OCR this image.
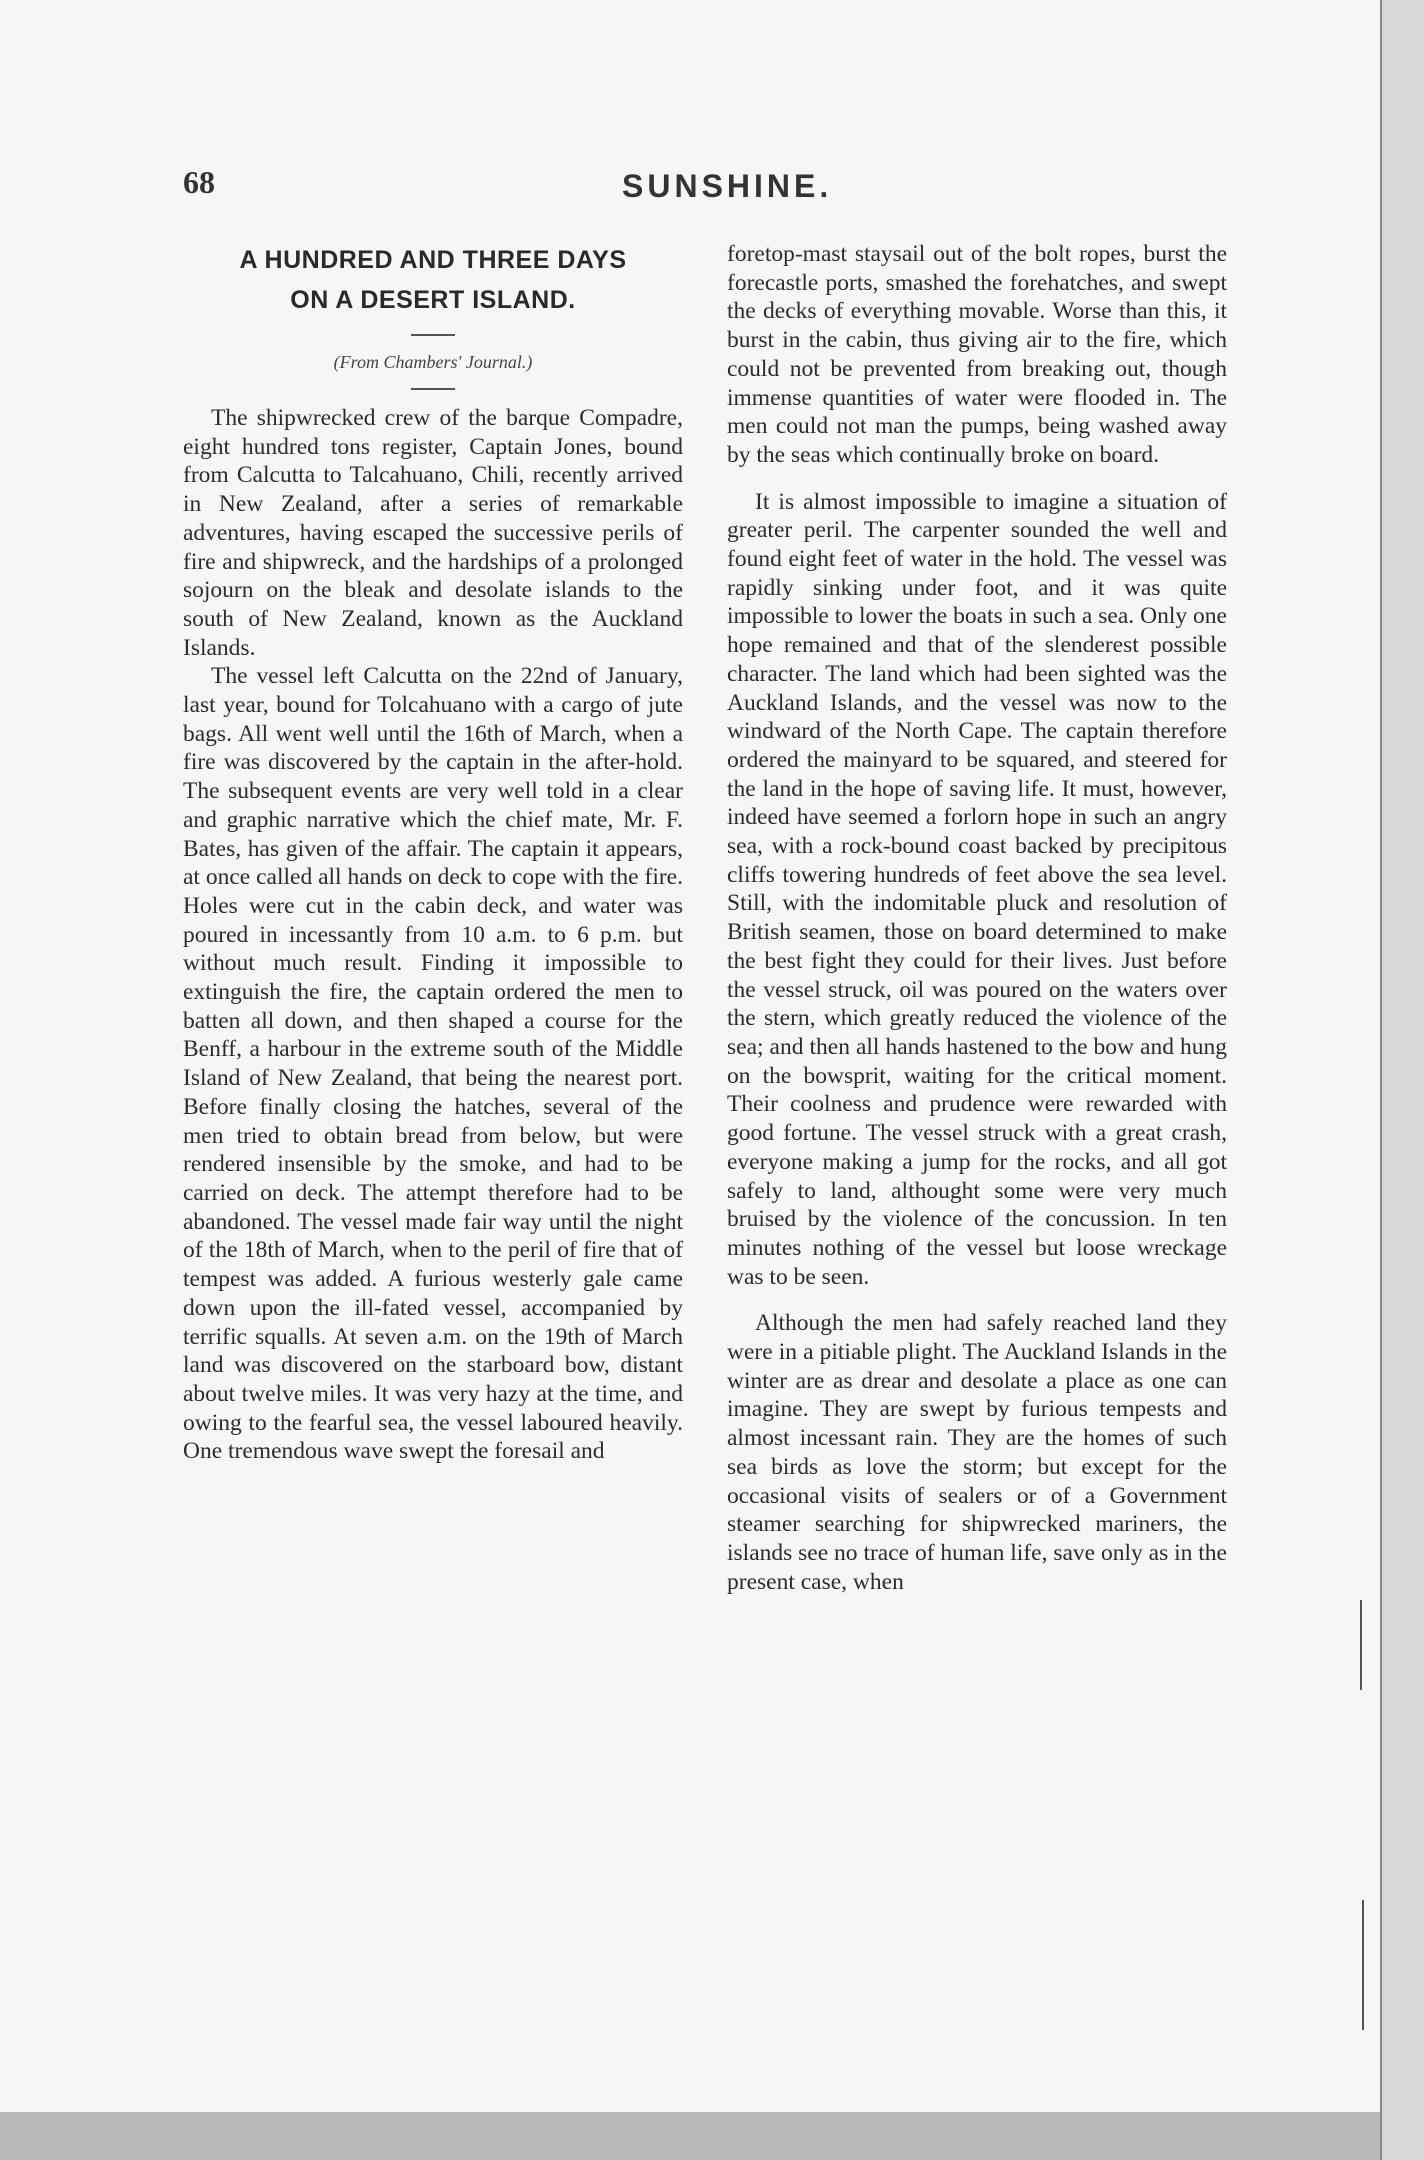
68	SUNSHINE.
A HUNDRED AND THREE DAYS
ON A DESERT ISLAND.
(From Chambers' Journal.)

The shipwrecked crew of the barque Compadre, eight hundred tons register, Captain Jones, bound from Calcutta to Talcahuano, Chili, recently arrived in New Zealand, after a series of remarkable adventures, having escaped the successive perils of fire and shipwreck, and the hardships of a prolonged sojourn on the bleak and desolate islands to the south of New Zealand, known as the Auckland Islands.

The vessel left Calcutta on the 22nd of January, last year, bound for Tolcahuano with a cargo of jute bags. All went well until the 16th of March, when a fire was discovered by the captain in the after-hold. The subsequent events are very well told in a clear and graphic narrative which the chief mate, Mr. F. Bates, has given of the affair. The captain it appears, at once called all hands on deck to cope with the fire. Holes were cut in the cabin deck, and water was poured in incessantly from 10 a.m. to 6 p.m. but without much result. Finding it impossible to extinguish the fire, the captain ordered the men to batten all down, and then shaped a course for the Benff, a harbour in the extreme south of the Middle Island of New Zealand, that being the nearest port. Before finally closing the hatches, several of the men tried to obtain bread from below, but were rendered insensible by the smoke, and had to be carried on deck. The attempt therefore had to be abandoned. The vessel made fair way until the night of the 18th of March, when to the peril of fire that of tempest was added. A furious westerly gale came down upon the ill-fated vessel, accompanied by terrific squalls. At seven a.m. on the 19th of March land was discovered on the starboard bow, distant about twelve miles. It was very hazy at the time, and owing to the fearful sea, the vessel laboured heavily. One tremendous wave swept the foresail and

foretop-mast staysail out of the bolt ropes, burst the forecastle ports, smashed the forehatches, and swept the decks of everything movable. Worse than this, it burst in the cabin, thus giving air to the fire, which could not be prevented from breaking out, though immense quantities of water were flooded in. The men could not man the pumps, being washed away by the seas which continually broke on board.

It is almost impossible to imagine a situation of greater peril. The carpenter sounded the well and found eight feet of water in the hold. The vessel was rapidly sinking under foot, and it was quite impossible to lower the boats in such a sea. Only one hope remained and that of the slenderest possible character. The land which had been sighted was the Auckland Islands, and the vessel was now to the windward of the North Cape. The captain therefore ordered the mainyard to be squared, and steered for the land in the hope of saving life. It must, however, indeed have seemed a forlorn hope in such an angry sea, with a rock-bound coast backed by precipitous cliffs towering hundreds of feet above the sea level. Still, with the indomitable pluck and resolution of British seamen, those on board determined to make the best fight they could for their lives. Just before the vessel struck, oil was poured on the waters over the stern, which greatly reduced the violence of the sea; and then all hands hastened to the bow and hung on the bowsprit, waiting for the critical moment. Their coolness and prudence were rewarded with good fortune. The vessel struck with a great crash, everyone making a jump for the rocks, and all got safely to land, althought some were very much bruised by the violence of the concussion. In ten minutes nothing of the vessel but loose wreckage was to be seen.

Although the men had safely reached land they were in a pitiable plight. The Auckland Islands in the winter are as drear and desolate a place as one can imagine. They are swept by furious tempests and almost incessant rain. They are the homes of such sea birds as love the storm; but except for the occasional visits of sealers or of a Government steamer searching for shipwrecked mariners, the islands see no trace of human life, save only as in the present case, when
